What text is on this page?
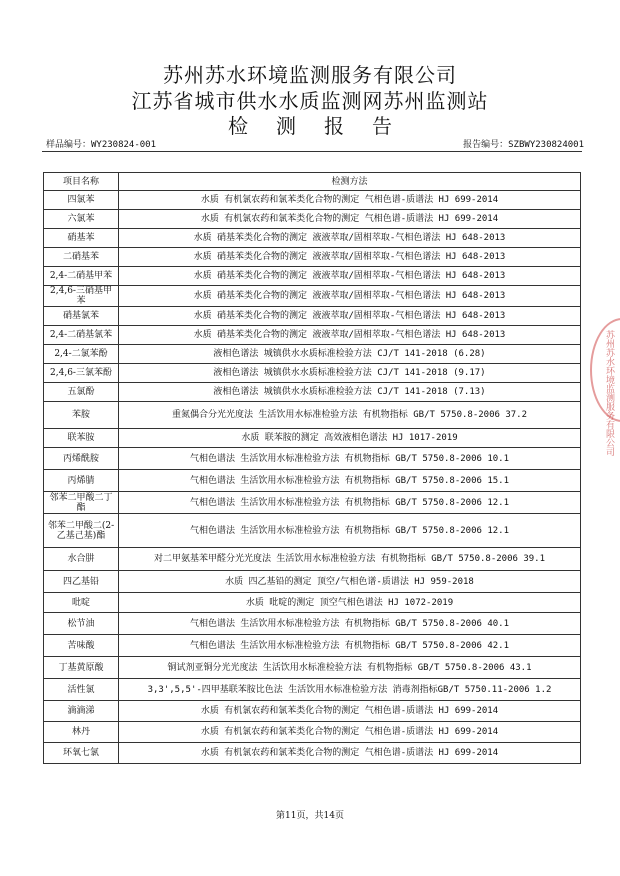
苏州苏水环境监测服务有限公司
江苏省城市供水水质监测网苏州监测站
检测报告
样品编号：WY230824-001	报告编号：SZBWY230824001
项目名称	检测方法
四氯苯	水质 有机氯农药和氯苯类化合物的测定 气相色谱-质谱法 HJ 699-2014
六氯苯	水质 有机氯农药和氯苯类化合物的测定 气相色谱-质谱法 HJ 699-2014
硝基苯	水质 硝基苯类化合物的测定 液液萃取/固相萃取-气相色谱法 HJ 648-2013
二硝基苯	水质 硝基苯类化合物的测定 液液萃取/固相萃取-气相色谱法 HJ 648-2013
2,4-二硝基甲苯	水质 硝基苯类化合物的测定 液液萃取/固相萃取-气相色谱法 HJ 648-2013
2,4,6-三硝基甲苯	水质 硝基苯类化合物的测定 液液萃取/固相萃取-气相色谱法 HJ 648-2013
硝基氯苯	水质 硝基苯类化合物的测定 液液萃取/固相萃取-气相色谱法 HJ 648-2013
2,4-二硝基氯苯	水质 硝基苯类化合物的测定 液液萃取/固相萃取-气相色谱法 HJ 648-2013
2,4-二氯苯酚	液相色谱法 城镇供水水质标准检验方法 CJ/T 141-2018 (6.28)
2,4,6-三氯苯酚	液相色谱法 城镇供水水质标准检验方法 CJ/T 141-2018 (9.17)
五氯酚	液相色谱法 城镇供水水质标准检验方法 CJ/T 141-2018 (7.13)
苯胺	重氮偶合分光光度法 生活饮用水标准检验方法 有机物指标 GB/T 5750.8-2006 37.2
联苯胺	水质 联苯胺的测定 高效液相色谱法 HJ 1017-2019
丙烯酰胺	气相色谱法 生活饮用水标准检验方法 有机物指标 GB/T 5750.8-2006 10.1
丙烯腈	气相色谱法 生活饮用水标准检验方法 有机物指标 GB/T 5750.8-2006 15.1
邻苯二甲酸二丁酯	气相色谱法 生活饮用水标准检验方法 有机物指标 GB/T 5750.8-2006 12.1
邻苯二甲酸二(2-乙基己基)酯	气相色谱法 生活饮用水标准检验方法 有机物指标 GB/T 5750.8-2006 12.1
水合肼	对二甲氨基苯甲醛分光光度法 生活饮用水标准检验方法 有机物指标 GB/T 5750.8-2006 39.1
四乙基铅	水质 四乙基铅的测定 顶空/气相色谱-质谱法 HJ 959-2018
吡啶	水质 吡啶的测定 顶空气相色谱法 HJ 1072-2019
松节油	气相色谱法 生活饮用水标准检验方法 有机物指标 GB/T 5750.8-2006 40.1
苦味酸	气相色谱法 生活饮用水标准检验方法 有机物指标 GB/T 5750.8-2006 42.1
丁基黄原酸	铜试剂亚铜分光光度法 生活饮用水标准检验方法 有机物指标 GB/T 5750.8-2006 43.1
活性氯	3,3',5,5'-四甲基联苯胺比色法 生活饮用水标准检验方法 消毒剂指标GB/T 5750.11-2006 1.2
滴滴涕	水质 有机氯农药和氯苯类化合物的测定 气相色谱-质谱法 HJ 699-2014
林丹	水质 有机氯农药和氯苯类化合物的测定 气相色谱-质谱法 HJ 699-2014
环氧七氯	水质 有机氯农药和氯苯类化合物的测定 气相色谱-质谱法 HJ 699-2014
苏州苏水环境监测服务有限公司
第11页，共14页
